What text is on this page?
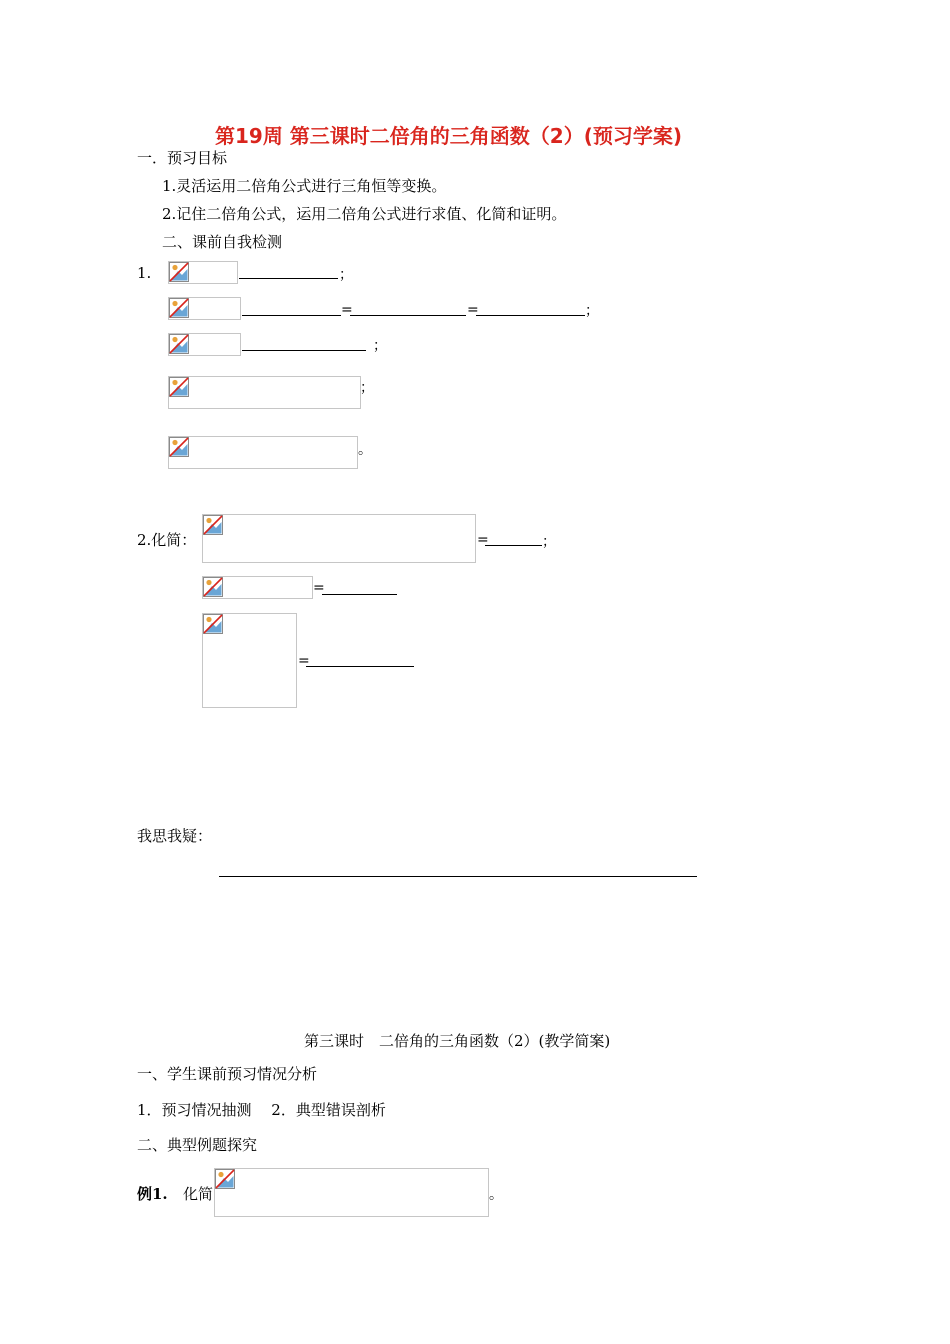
第19周 第三课时二倍角的三角函数（2）(预习学案)
一．预习目标
1.灵活运用二倍角公式进行三角恒等变换。
2.记住二倍角公式，运用二倍角公式进行求值、化简和证明。
二、课前自我检测
1.	；
=	=	；
；
；
。
2.化简：	=	；
=
=
我思我疑：
第三课时　二倍角的三角函数（2）(教学简案)
一、学生课前预习情况分析
1．预习情况抽测　 2．典型错误剖析
二、典型例题探究
例1. 化简	。
